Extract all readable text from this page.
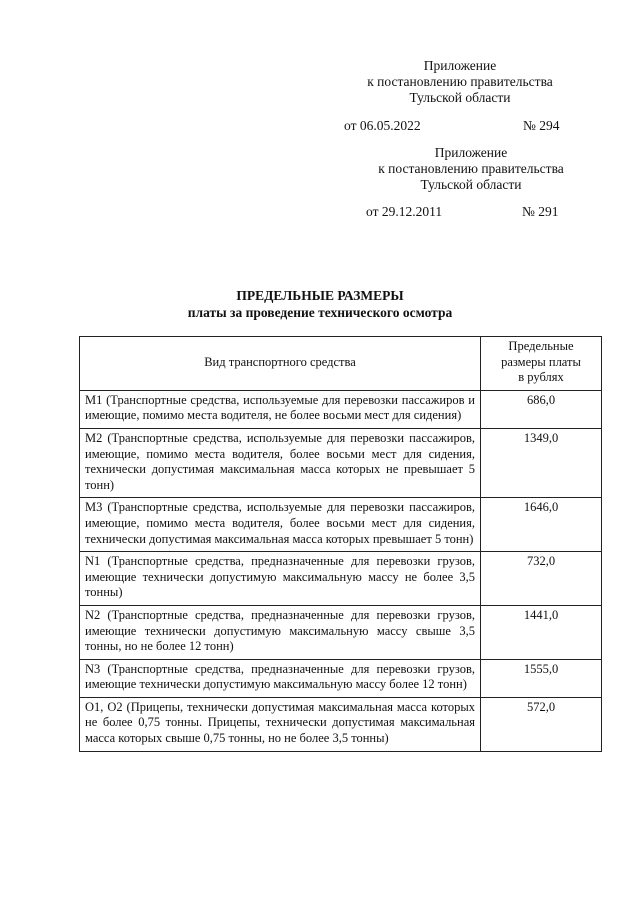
Приложение
к постановлению правительства
Тульской области
от 06.05.2022	№ 294
Приложение
к постановлению правительства
Тульской области
от 29.12.2011	№ 291
ПРЕДЕЛЬНЫЕ РАЗМЕРЫ
платы за проведение технического осмотра
Вид транспортного средства	Предельные
размеры платы
в рублях

М1 (Транспортные средства, используемые для перевозки пассажиров и имеющие, помимо места водителя, не более восьми мест для сидения)	686,0
М2 (Транспортные средства, используемые для перевозки пассажиров, имеющие, помимо места водителя, более восьми мест для сидения, технически допустимая максимальная масса которых не превышает 5 тонн)	1349,0
М3 (Транспортные средства, используемые для перевозки пассажиров, имеющие, помимо места водителя, более восьми мест для сидения, технически допустимая максимальная масса которых превышает 5 тонн)	1646,0
N1 (Транспортные средства, предназначенные для перевозки грузов, имеющие технически допустимую максимальную массу не более 3,5 тонны)	732,0
N2 (Транспортные средства, предназначенные для перевозки грузов, имеющие технически допустимую максимальную массу свыше 3,5 тонны, но не более 12 тонн)	1441,0
N3 (Транспортные средства, предназначенные для перевозки грузов, имеющие технически допустимую максимальную массу более 12 тонн)	1555,0
О1, О2 (Прицепы, технически допустимая максимальная масса которых не более 0,75 тонны. Прицепы, технически допустимая максимальная масса которых свыше 0,75 тонны, но не более 3,5 тонны)	572,0
